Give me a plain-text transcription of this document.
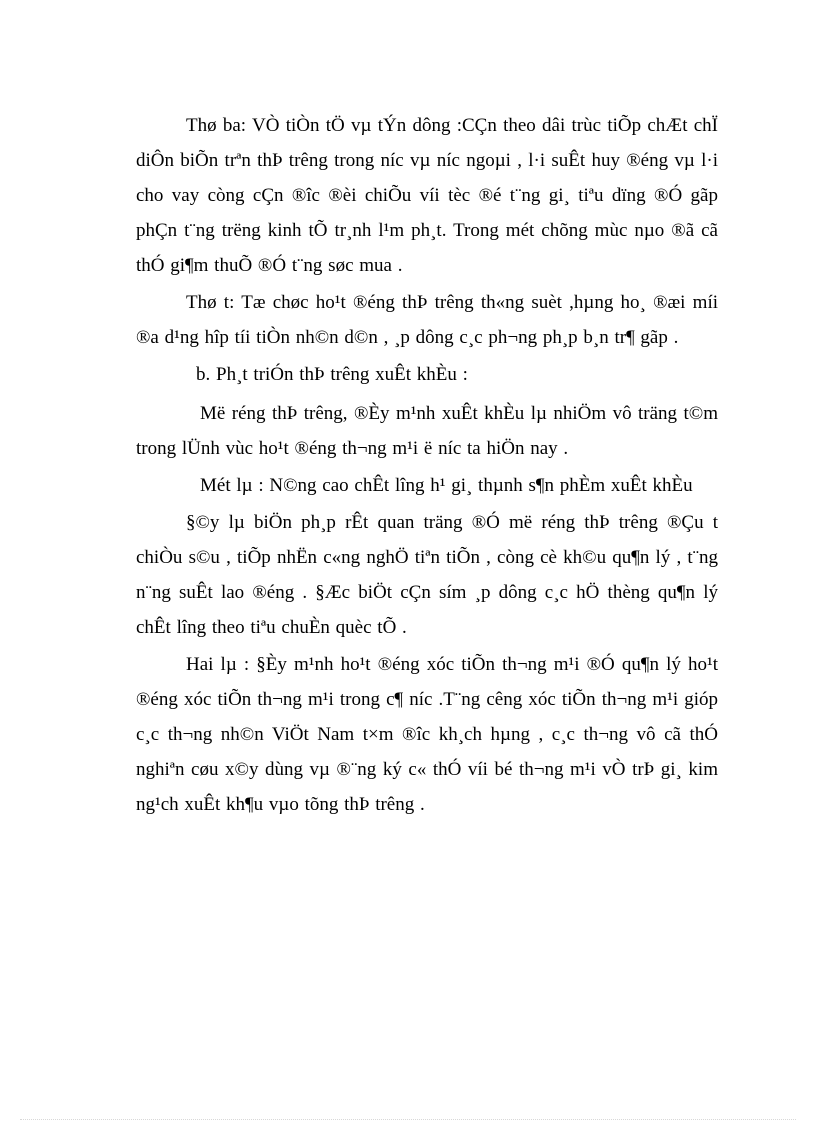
Thø ba: VÒ tiÒn tÖ vµ tÝn dông :CÇn theo dâi trùc tiÕp chÆt chÏ diÔn biÕn trªn thÞ trêng trong níc vµ níc ngoµi , l·i suÊt huy ®éng vµ l·i cho vay còng cÇn ®îc ®èi chiÕu víi tèc ®é t¨ng gi¸ tiªu dïng ®Ó gãp phÇn t¨ng trëng kinh tÕ tr¸nh l¹m ph¸t. Trong mét chõng mùc nµo ®ã cã thÓ gi¶m thuÕ ®Ó t¨ng søc mua .

Thø t: Tæ chøc ho¹t ®éng thÞ trêng th«ng suèt ,hµng ho¸ ®æi míi ®a d¹ng hîp tíi tiÒn nh©n d©n , ¸p dông c¸c ph¬ng ph¸p b¸n tr¶ gãp .

b. Ph¸t triÓn thÞ trêng xuÊt khÈu :

Më réng thÞ trêng, ®Èy m¹nh xuÊt khÈu lµ nhiÖm vô träng t©m trong lÜnh vùc ho¹t ®éng th¬ng m¹i ë níc ta hiÖn nay .

Mét lµ : N©ng cao chÊt lîng h¹ gi¸ thµnh s¶n phÈm xuÊt khÈu

§©y lµ biÖn ph¸p rÊt quan träng ®Ó më réng thÞ trêng ®Çu t chiÒu s©u , tiÕp nhËn c«ng nghÖ tiªn tiÕn , còng cè kh©u qu¶n lý , t¨ng n¨ng suÊt lao ®éng . §Æc biÖt cÇn sím ¸p dông c¸c hÖ thèng qu¶n lý chÊt lîng theo tiªu chuÈn quèc tÕ .

Hai lµ : §Èy m¹nh ho¹t ®éng xóc tiÕn th¬ng m¹i ®Ó qu¶n lý ho¹t ®éng xóc tiÕn th¬ng m¹i trong c¶ níc .T¨ng cêng xóc tiÕn th¬ng m¹i gióp c¸c th¬ng nh©n ViÖt Nam t×m ®îc kh¸ch hµng , c¸c th¬ng vô cã thÓ nghiªn cøu x©y dùng vµ ®¨ng ký c« thÓ víi bé th¬ng m¹i vÒ trÞ gi¸ kim ng¹ch xuÊt kh¶u vµo tõng thÞ trêng .
